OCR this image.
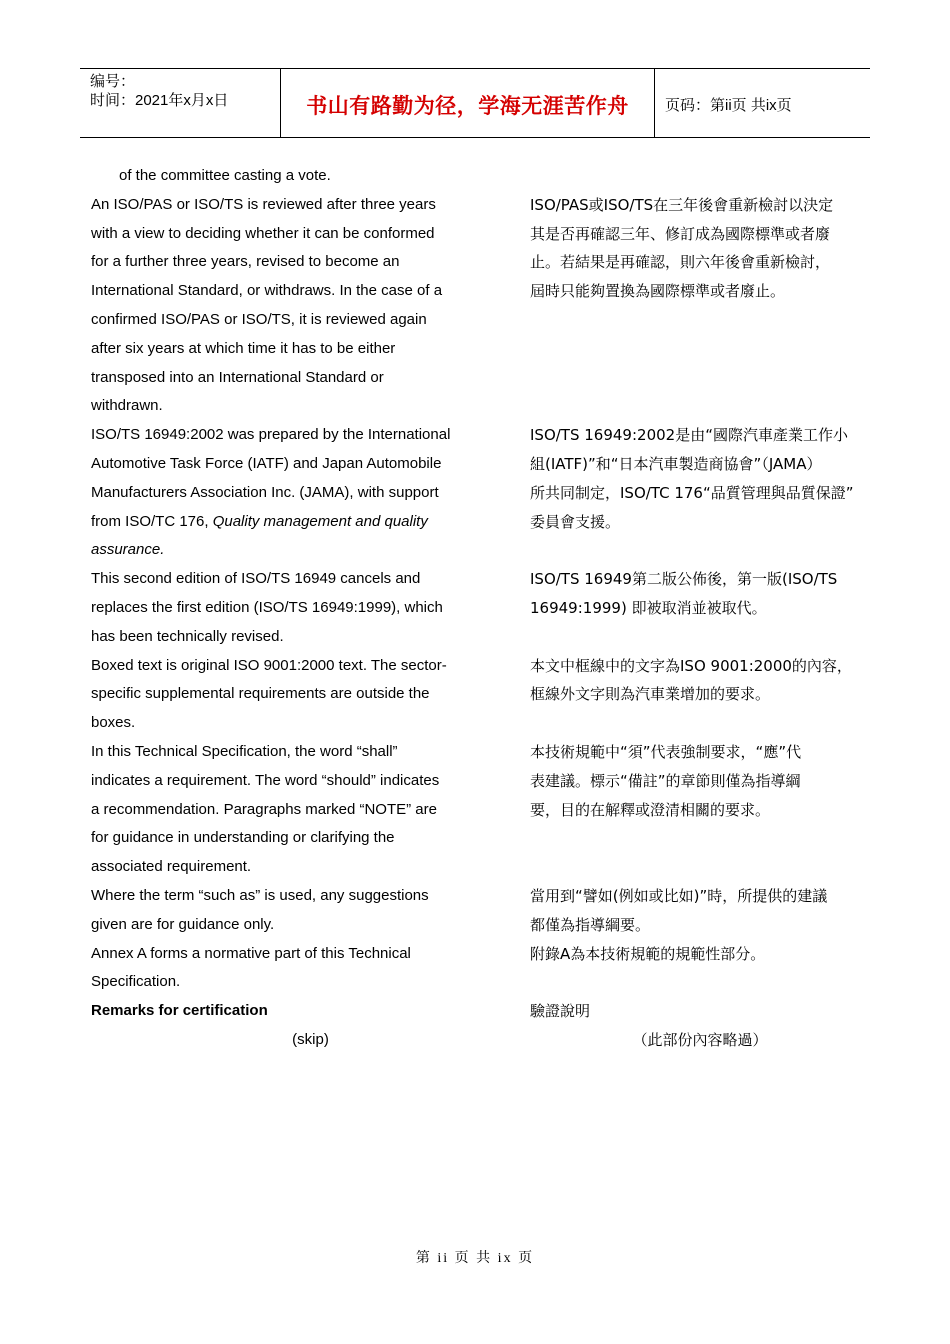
编号：
时间：2021年x月x日	书山有路勤为径，学海无涯苦作舟 页码：第ii页 共ix页
of the committee casting a vote.
An ISO/PAS or ISO/TS is reviewed after three years
with a view to deciding whether it can be conformed
for a further three years, revised to become an
International Standard, or withdraws. In the case of a
confirmed ISO/PAS or ISO/TS, it is reviewed again
after six years at which time it has to be either
transposed into an International Standard or
withdrawn.
ISO/PAS或ISO/TS在三年後會重新檢討以決定
其是否再確認三年、修訂成為國際標準或者廢
止。若結果是再確認，則六年後會重新檢討，
屆時只能夠置換為國際標準或者廢止。
ISO/TS 16949:2002 was prepared by the International
Automotive Task Force (IATF) and Japan Automobile
Manufacturers Association Inc. (JAMA), with support
from ISO/TC 176, Quality management and quality
assurance.
ISO/TS 16949:2002是由“國際汽車產業工作小
組(IATF)”和“日本汽車製造商協會”（JAMA）
所共同制定，ISO/TC 176“品質管理與品質保證”
委員會支援。
This second edition of ISO/TS 16949 cancels and
replaces the first edition (ISO/TS 16949:1999), which
has been technically revised.
ISO/TS 16949第二版公佈後，第一版(ISO/TS
16949:1999) 即被取消並被取代。
Boxed text is original ISO 9001:2000 text. The sector-
specific supplemental requirements are outside the
boxes.
本文中框線中的文字為ISO 9001:2000的內容，
框線外文字則為汽車業增加的要求。
In this Technical Specification, the word “shall”
indicates a requirement. The word “should” indicates
a recommendation. Paragraphs marked “NOTE” are
for guidance in understanding or clarifying the
associated requirement.
本技術規範中“須”代表強制要求，“應”代
表建議。標示“備註”的章節則僅為指導綱
要，目的在解釋或澄清相關的要求。
Where the term “such as” is used, any suggestions
given are for guidance only.
當用到“譬如(例如或比如)”時，所提供的建議
都僅為指導綱要。
Annex A forms a normative part of this Technical
Specification.
附錄A為本技術規範的規範性部分。
Remarks for certification	驗證說明
(skip)	（此部份內容略過）
第 ii 页 共 ix 页
